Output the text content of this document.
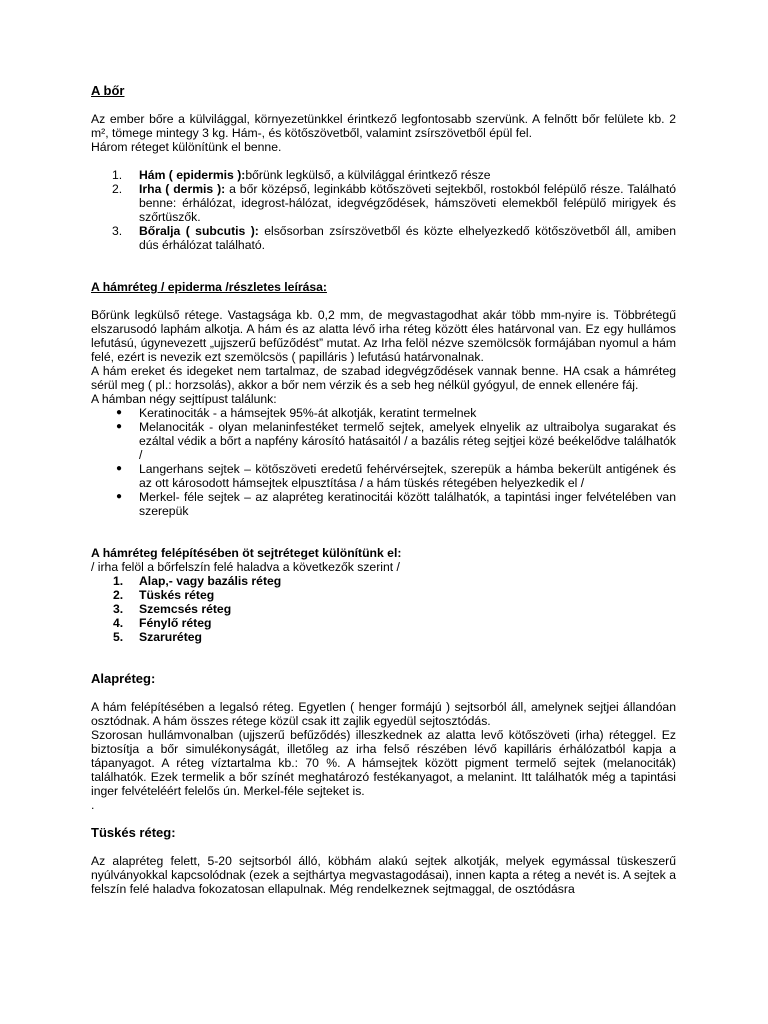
A bőr

Az ember bőre a külvilággal, környezetünkkel érintkező legfontosabb szervünk. A felnőtt bőr felülete kb. 2 m², tömege mintegy 3 kg. Hám-, és kötőszövetből, valamint zsírszövetből épül fel.

Három réteget különítünk el benne.

1. Hám ( epidermis ):bőrünk legkülső, a külvilággal érintkező része
2. Irha ( dermis ): a bőr középső, leginkább kötőszöveti sejtekből, rostokból felépülő része. Található benne: érhálózat, idegrost-hálózat, idegvégződések, hámszöveti elemekből felépülő mirigyek és szőrtüszők.
3. Bőralja ( subcutis ): elsősorban zsírszövetből és közte elhelyezkedő kötőszövetből áll, amiben dús érhálózat található.
A hámréteg / epiderma /részletes leírása:

Bőrünk legkülső rétege. Vastagsága kb. 0,2 mm, de megvastagodhat akár több mm-nyire is. Többrétegű elszarusodó laphám alkotja. A hám és az alatta lévő irha réteg között éles határvonal van. Ez egy hullámos lefutású, úgynevezett „ujjszerű befűződést” mutat. Az Irha felöl nézve szemölcsök formájában nyomul a hám felé, ezért is nevezik ezt szemölcsös ( papilláris ) lefutású határvonalnak.

A hám ereket és idegeket nem tartalmaz, de szabad idegvégződések vannak benne. HA csak a hámréteg sérül meg ( pl.: horzsolás), akkor a bőr nem vérzik és a seb heg nélkül gyógyul, de ennek ellenére fáj.

A hámban négy sejttípust találunk:

● Keratinociták - a hámsejtek 95%-át alkotják, keratint termelnek
● Melanociták - olyan melaninfestéket termelő sejtek, amelyek elnyelik az ultraibolya sugarakat és ezáltal védik a bőrt a napfény károsító hatásaitól / a bazális réteg sejtjei közé beékelődve találhatók /
● Langerhans sejtek – kötőszöveti eredetű fehérvérsejtek, szerepük a hámba bekerült antigének és az ott károsodott hámsejtek elpusztítása / a hám tüskés rétegében helyezkedik el /
● Merkel- féle sejtek – az alapréteg keratinocitái között találhatók, a tapintási inger felvételében van szerepük
A hámréteg felépítésében öt sejtréteget különítünk el:

/ irha felöl a bőrfelszín felé haladva a következők szerint /

1. Alap,- vagy bazális réteg
2. Tüskés réteg
3. Szemcsés réteg
4. Fénylő réteg
5. Szaruréteg
Alapréteg:

A hám felépítésében a legalsó réteg. Egyetlen ( henger formájú ) sejtsorból áll, amelynek sejtjei állandóan osztódnak. A hám összes rétege közül csak itt zajlik egyedül sejtosztódás.

Szorosan hullámvonalban (ujjszerű befűződés) illeszkednek az alatta levő kötőszöveti (irha) réteggel. Ez biztosítja a bőr simulékonyságát, illetőleg az irha felső részében lévő kapilláris érhálózatból kapja a tápanyagot. A réteg víztartalma kb.: 70 %. A hámsejtek között pigment termelő sejtek (melanociták) találhatók. Ezek termelik a bőr színét meghatározó festékanyagot, a melanint. Itt találhatók még a tapintási inger felvételéért felelős ún. Merkel-féle sejteket is.

.

Tüskés réteg:

Az alapréteg felett, 5-20 sejtsorból álló, köbhám alakú sejtek alkotják, melyek egymással tüskeszerű nyúlványokkal kapcsolódnak (ezek a sejthártya megvastagodásai), innen kapta a réteg a nevét is. A sejtek a felszín felé haladva fokozatosan ellapulnak. Még rendelkeznek sejtmaggal, de osztódásra
